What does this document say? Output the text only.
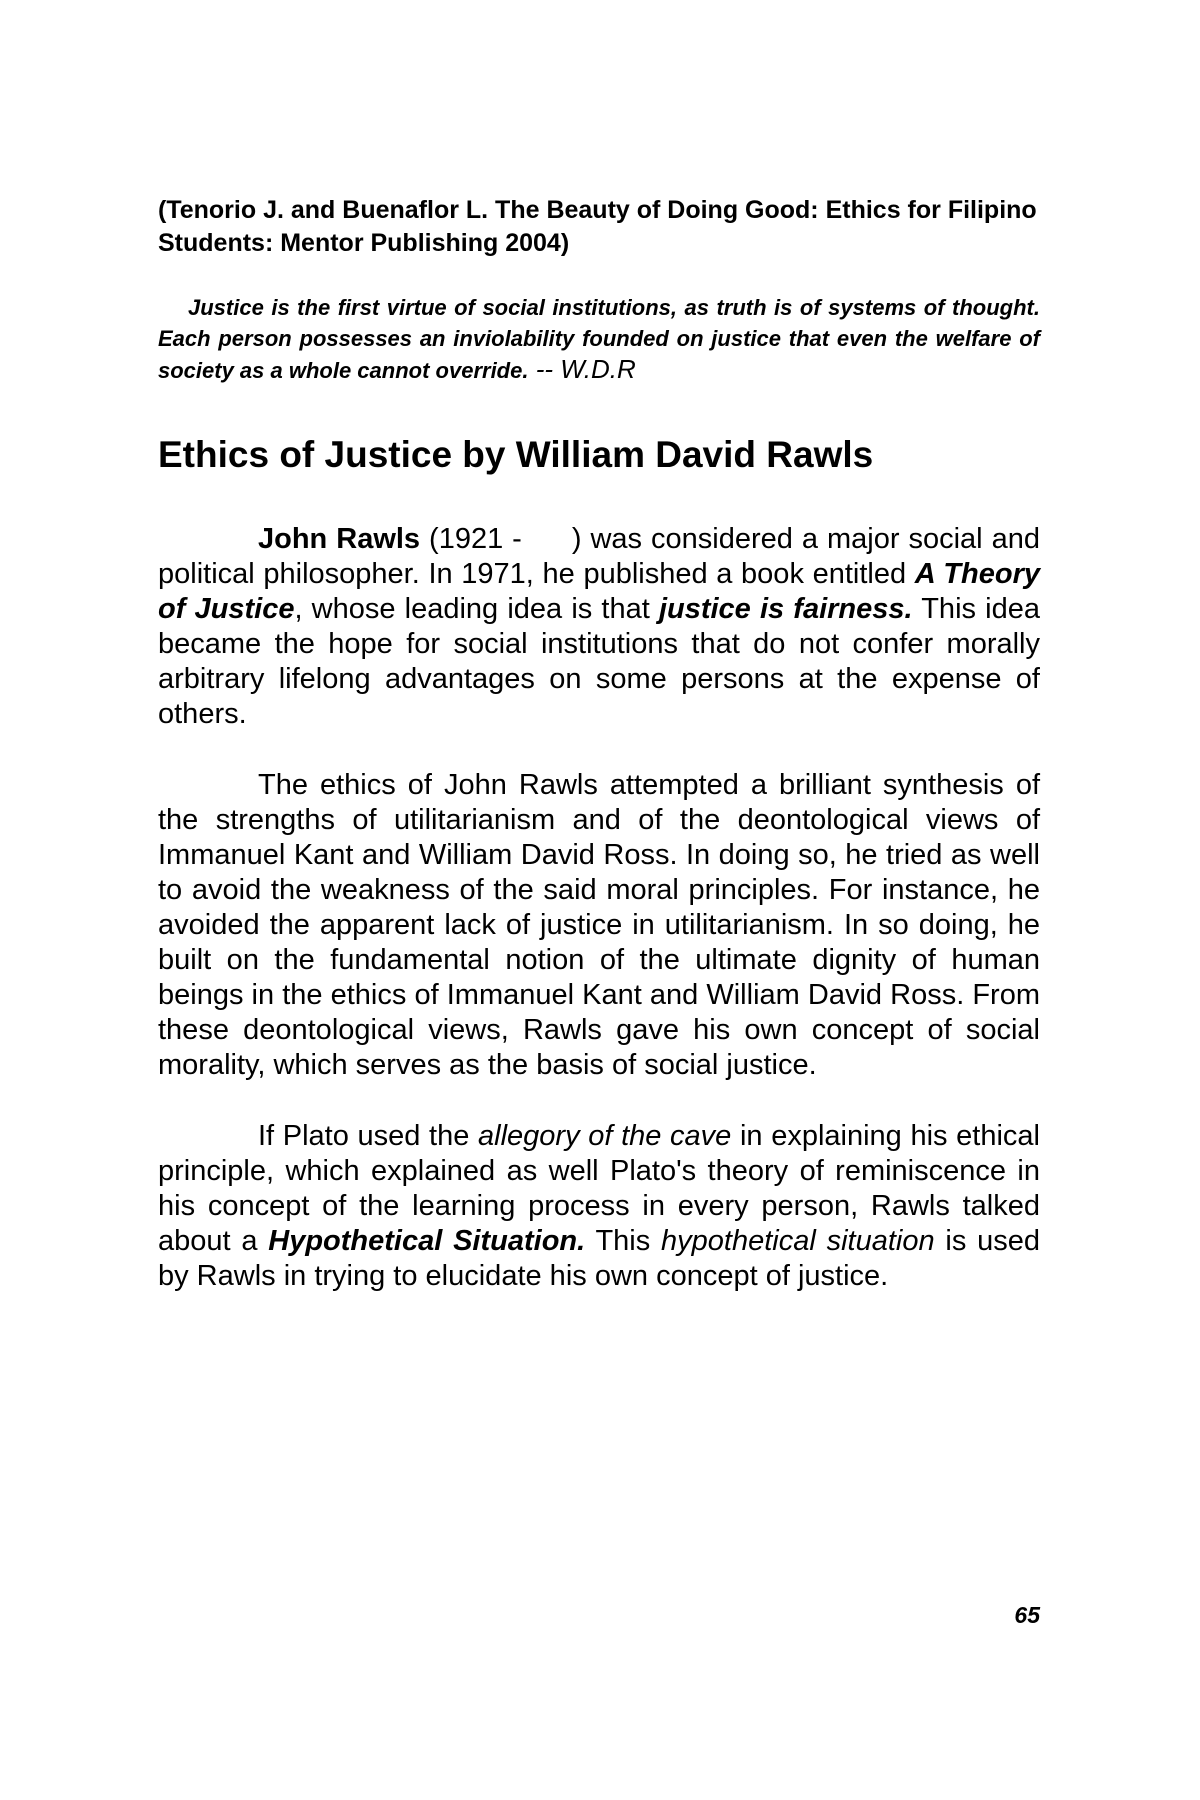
(Tenorio J. and Buenaflor L. The Beauty of Doing Good: Ethics for Filipino Students: Mentor Publishing 2004)

Justice is the first virtue of social institutions, as truth is of systems of thought. Each person possesses an inviolability founded on justice that even the welfare of society as a whole cannot override. -- W.D.R

Ethics of Justice by William David Rawls

John Rawls (1921 - ) was considered a major social and political philosopher. In 1971, he published a book entitled A Theory of Justice, whose leading idea is that justice is fairness. This idea became the hope for social institutions that do not confer morally arbitrary lifelong advantages on some persons at the expense of others.

The ethics of John Rawls attempted a brilliant synthesis of the strengths of utilitarianism and of the deontological views of Immanuel Kant and William David Ross. In doing so, he tried as well to avoid the weakness of the said moral principles. For instance, he avoided the apparent lack of justice in utilitarianism. In so doing, he built on the fundamental notion of the ultimate dignity of human beings in the ethics of Immanuel Kant and William David Ross. From these deontological views, Rawls gave his own concept of social morality, which serves as the basis of social justice.

If Plato used the allegory of the cave in explaining his ethical principle, which explained as well Plato's theory of reminiscence in his concept of the learning process in every person, Rawls talked about a Hypothetical Situation. This hypothetical situation is used by Rawls in trying to elucidate his own concept of justice.

65
